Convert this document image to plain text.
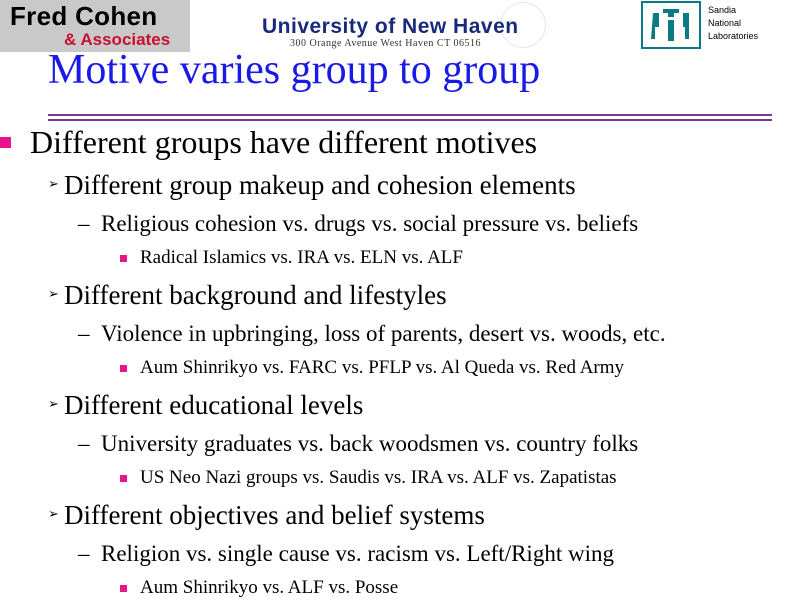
Fred Cohen
& Associates
University of New Haven
300 Orange Avenue West Haven CT 06516
Sandia
National
Laboratories
Motive varies group to group
Different groups have different motives
➢ Different group makeup and cohesion elements
– Religious cohesion vs. drugs vs. social pressure vs. beliefs
Radical Islamics vs. IRA vs. ELN vs. ALF
➢ Different background and lifestyles
– Violence in upbringing, loss of parents, desert vs. woods, etc.
Aum Shinrikyo vs. FARC vs. PFLP vs. Al Queda vs. Red Army
➢ Different educational levels
– University graduates vs. back woodsmen vs. country folks
US Neo Nazi groups vs. Saudis vs. IRA vs. ALF vs. Zapatistas
➢ Different objectives and belief systems
– Religion vs. single cause vs. racism vs. Left/Right wing
Aum Shinrikyo vs. ALF vs. Posse
